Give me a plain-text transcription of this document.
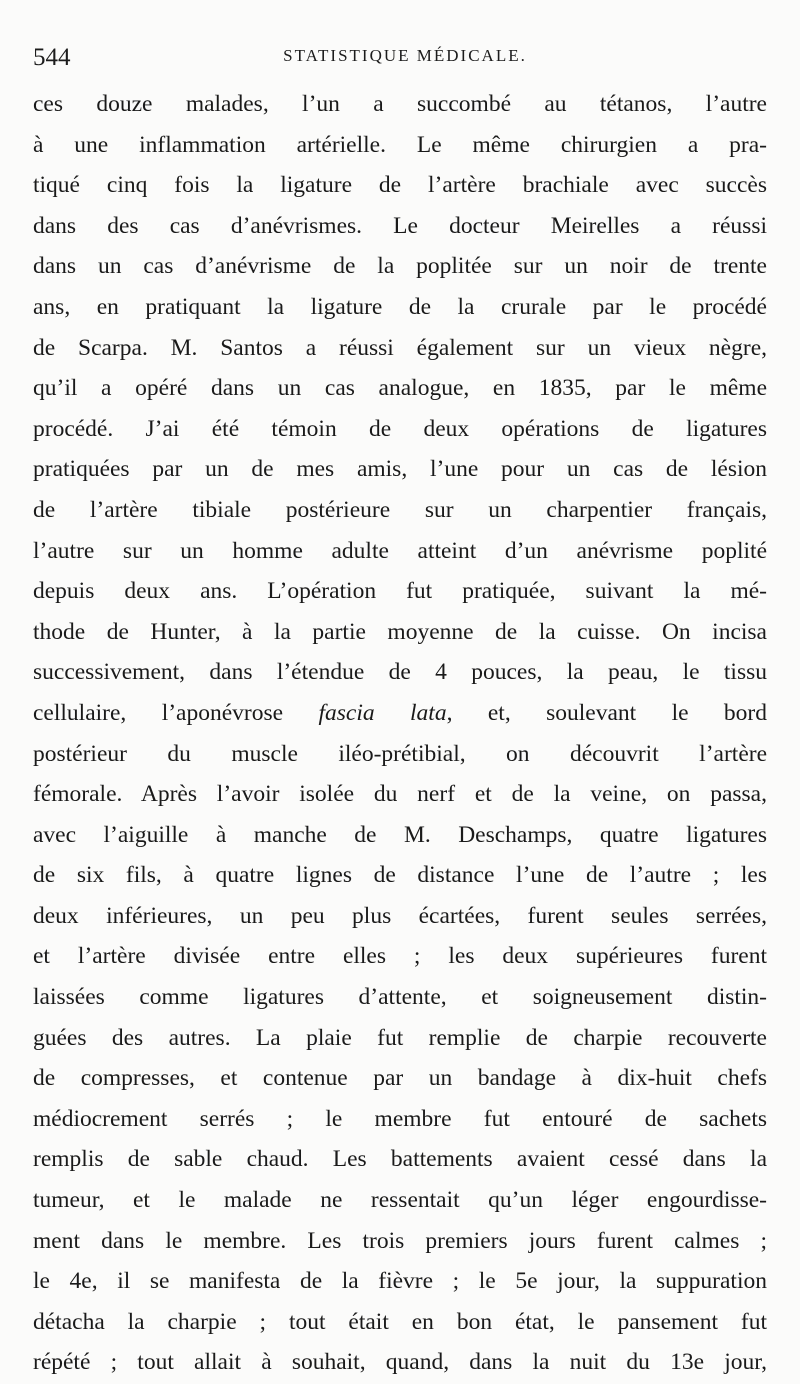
544	STATISTIQUE MÉDICALE.
ces douze malades, l’un a succombé au tétanos, l’autre
à une inflammation artérielle. Le même chirurgien a pra-
tiqué cinq fois la ligature de l’artère brachiale avec succès
dans des cas d’anévrismes. Le docteur Meirelles a réussi
dans un cas d’anévrisme de la poplitée sur un noir de trente
ans, en pratiquant la ligature de la crurale par le procédé
de Scarpa. M. Santos a réussi également sur un vieux nègre,
qu’il a opéré dans un cas analogue, en 1835, par le même
procédé. J’ai été témoin de deux opérations de ligatures
pratiquées par un de mes amis, l’une pour un cas de lésion
de l’artère tibiale postérieure sur un charpentier français,
l’autre sur un homme adulte atteint d’un anévrisme poplité
depuis deux ans. L’opération fut pratiquée, suivant la mé-
thode de Hunter, à la partie moyenne de la cuisse. On incisa
successivement, dans l’étendue de 4 pouces, la peau, le tissu
cellulaire, l’aponévrose fascia lata, et, soulevant le bord
postérieur du muscle iléo-prétibial, on découvrit l’artère
fémorale. Après l’avoir isolée du nerf et de la veine, on passa,
avec l’aiguille à manche de M. Deschamps, quatre ligatures
de six fils, à quatre lignes de distance l’une de l’autre ; les
deux inférieures, un peu plus écartées, furent seules serrées,
et l’artère divisée entre elles ; les deux supérieures furent
laissées comme ligatures d’attente, et soigneusement distin-
guées des autres. La plaie fut remplie de charpie recouverte
de compresses, et contenue par un bandage à dix-huit chefs
médiocrement serrés ; le membre fut entouré de sachets
remplis de sable chaud. Les battements avaient cessé dans la
tumeur, et le malade ne ressentait qu’un léger engourdisse-
ment dans le membre. Les trois premiers jours furent calmes ;
le 4e, il se manifesta de la fièvre ; le 5e jour, la suppuration
détacha la charpie ; tout était en bon état, le pansement fut
répété ; tout allait à souhait, quand, dans la nuit du 13e jour,
